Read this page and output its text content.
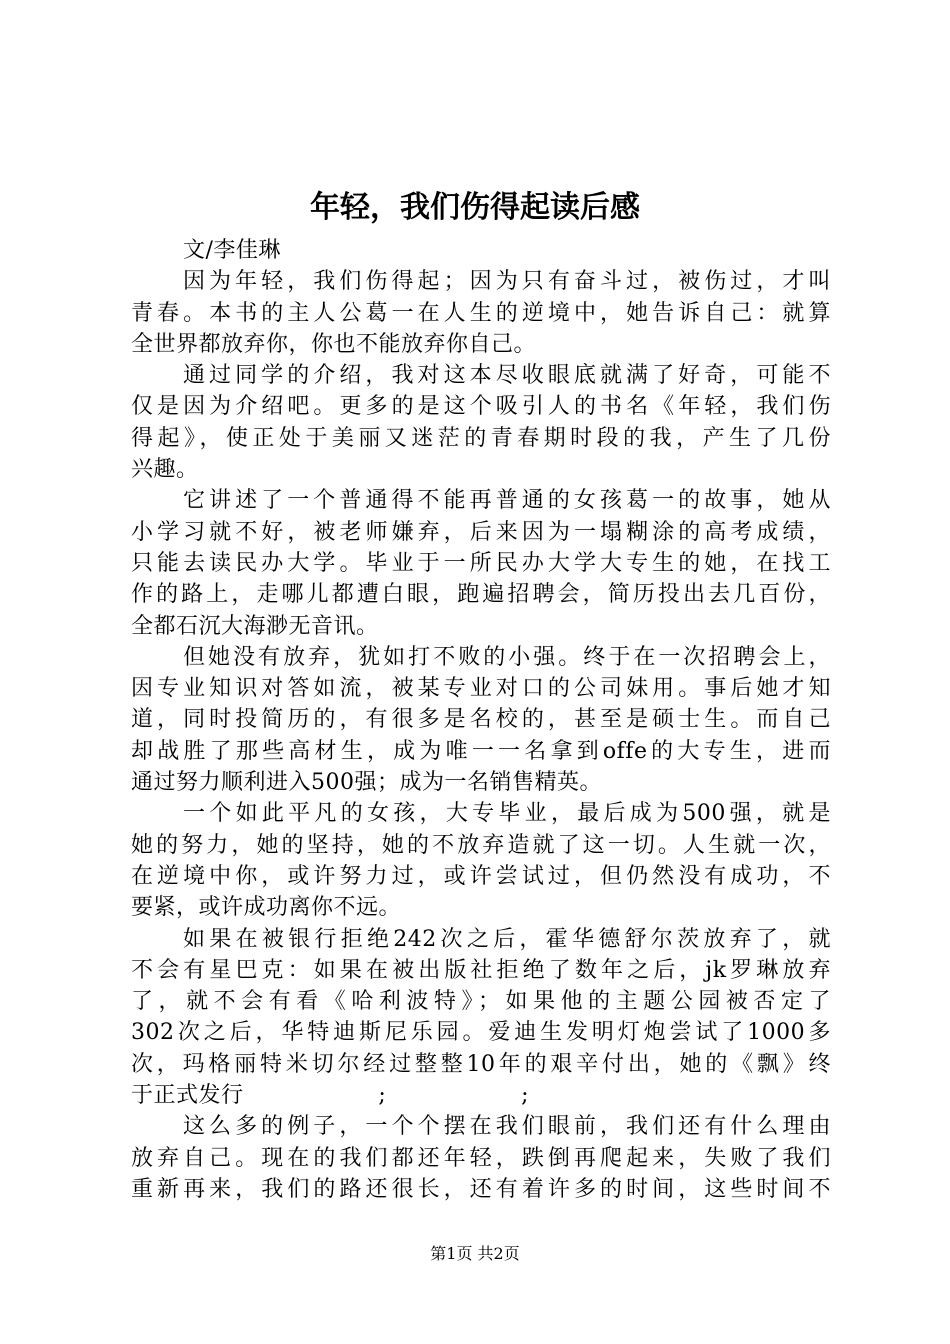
年轻，我们伤得起读后感
文/李佳琳
因为年轻，我们伤得起；因为只有奋斗过，被伤过，才叫
青春。本书的主人公葛一在人生的逆境中，她告诉自己：就算
全世界都放弃你，你也不能放弃你自己。
通过同学的介绍，我对这本尽收眼底就满了好奇，可能不
仅是因为介绍吧。更多的是这个吸引人的书名《年轻，我们伤
得起》，使正处于美丽又迷茫的青春期时段的我，产生了几份
兴趣。
它讲述了一个普通得不能再普通的女孩葛一的故事，她从
小学习就不好，被老师嫌弃，后来因为一塌糊涂的高考成绩，
只能去读民办大学。毕业于一所民办大学大专生的她，在找工
作的路上，走哪儿都遭白眼，跑遍招聘会，简历投出去几百份，
全都石沉大海渺无音讯。
但她没有放弃，犹如打不败的小强。终于在一次招聘会上，
因专业知识对答如流，被某专业对口的公司妹用。事后她才知
道，同时投简历的，有很多是名校的，甚至是硕士生。而自己
却战胜了那些高材生，成为唯一一名拿到offe的大专生，进而
通过努力顺利进入500强；成为一名销售精英。
一个如此平凡的女孩，大专毕业，最后成为500强，就是
她的努力，她的坚持，她的不放弃造就了这一切。人生就一次，
在逆境中你，或许努力过，或许尝试过，但仍然没有成功，不
要紧，或许成功离你不远。
如果在被银行拒绝242次之后，霍华德舒尔茨放弃了，就
不会有星巴克：如果在被出版社拒绝了数年之后，jk罗琳放弃
了，就不会有看《哈利波特》；如果他的主题公园被否定了
302次之后，华特迪斯尼乐园。爱迪生发明灯炮尝试了1000多
次，玛格丽特米切尔经过整整10年的艰辛付出，她的《飘》终
于正式发行                  ;                  ;
这么多的例子，一个个摆在我们眼前，我们还有什么理由
放弃自己。现在的我们都还年轻，跌倒再爬起来，失败了我们
重新再来，我们的路还很长，还有着许多的时间，这些时间不
第1页 共2页
